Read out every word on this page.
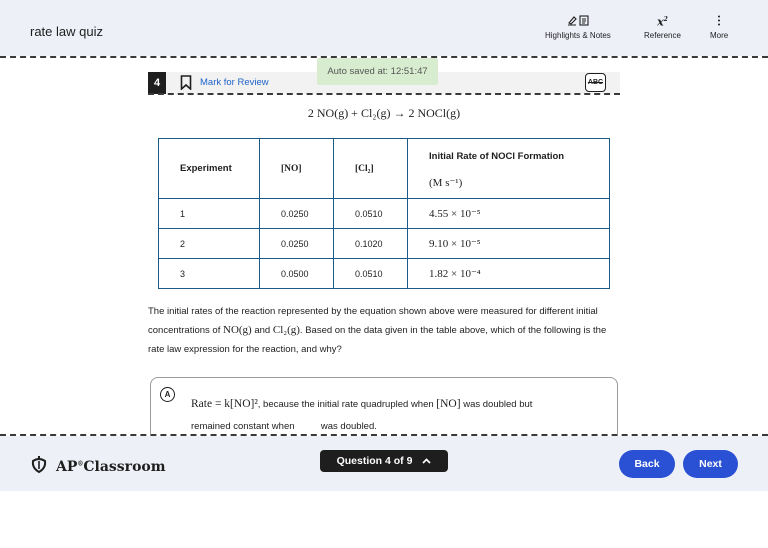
rate law quiz	Highlights & Notes
$x^2$
Reference	More
4	Mark for Review	ABC
Auto saved at: 12:51:47
2 NO(g) + Cl₂(g) → 2 NOCl(g)
Experiment	[NO]	[Cl₂]	Initial Rate of NOCl Formation
(M s⁻¹)

1	0.0250	0.0510	4.55 × 10⁻⁵
2	0.0250	0.1020	9.10 × 10⁻⁵
3	0.0500	0.0510	1.82 × 10⁻⁴
The initial rates of the reaction represented by the equation shown above were measured for different initial concentrations of NO(g) and Cl₂(g). Based on the data given in the table above, which of the following is the rate law expression for the reaction, and why?
A
Rate = k[NO]², because the initial rate quadrupled when [NO] was doubled but
remained constant when          was doubled.
AP®Classroom	Question 4 of 9	Back	Next
